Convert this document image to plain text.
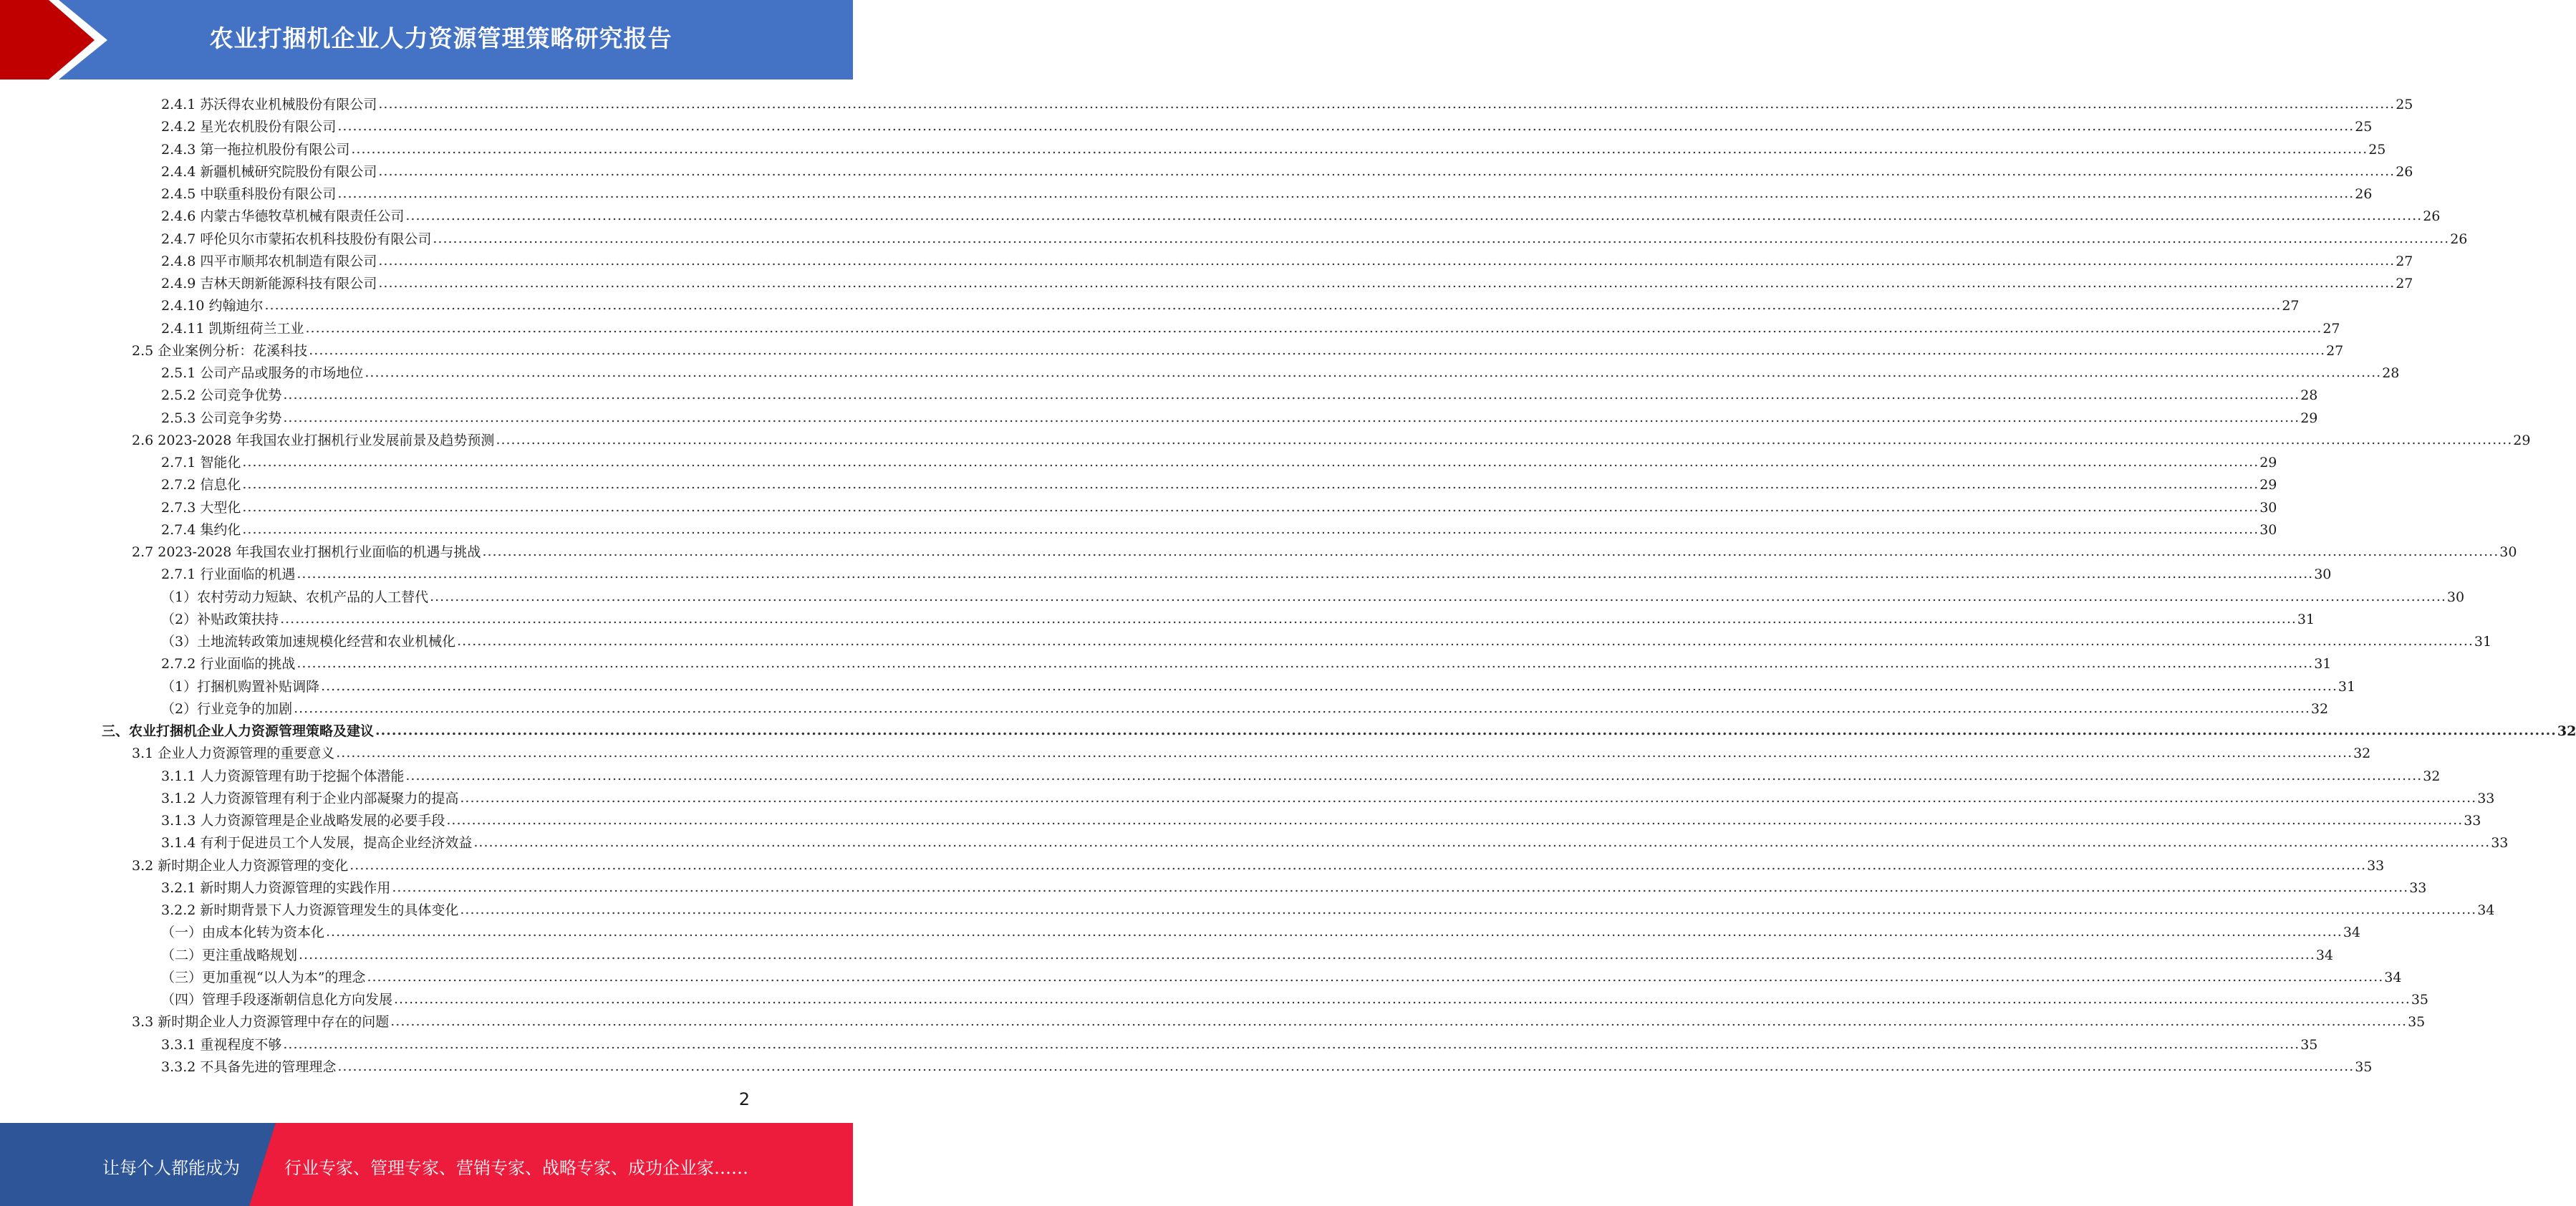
农业打捆机企业人力资源管理策略研究报告
2.4.1 苏沃得农业机械股份有限公司 ................................................................................................................................................................................................................................................................................................................................................................................................................ 25
2.4.2 星光农机股份有限公司 ................................................................................................................................................................................................................................................................................................................................................................................................................ 25
2.4.3 第一拖拉机股份有限公司 ................................................................................................................................................................................................................................................................................................................................................................................................................ 25
2.4.4 新疆机械研究院股份有限公司 ................................................................................................................................................................................................................................................................................................................................................................................................................ 26
2.4.5 中联重科股份有限公司 ................................................................................................................................................................................................................................................................................................................................................................................................................ 26
2.4.6 内蒙古华德牧草机械有限责任公司 ................................................................................................................................................................................................................................................................................................................................................................................................................ 26
2.4.7 呼伦贝尔市蒙拓农机科技股份有限公司 ................................................................................................................................................................................................................................................................................................................................................................................................................ 26
2.4.8 四平市顺邦农机制造有限公司 ................................................................................................................................................................................................................................................................................................................................................................................................................ 27
2.4.9 吉林天朗新能源科技有限公司 ................................................................................................................................................................................................................................................................................................................................................................................................................ 27
2.4.10 约翰迪尔 ................................................................................................................................................................................................................................................................................................................................................................................................................ 27
2.4.11 凯斯纽荷兰工业 ................................................................................................................................................................................................................................................................................................................................................................................................................ 27
2.5 企业案例分析：花溪科技 ................................................................................................................................................................................................................................................................................................................................................................................................................ 27
2.5.1 公司产品或服务的市场地位 ................................................................................................................................................................................................................................................................................................................................................................................................................ 28
2.5.2 公司竞争优势 ................................................................................................................................................................................................................................................................................................................................................................................................................ 28
2.5.3 公司竞争劣势 ................................................................................................................................................................................................................................................................................................................................................................................................................ 29
2.6 2023-2028 年我国农业打捆机行业发展前景及趋势预测 ................................................................................................................................................................................................................................................................................................................................................................................................................ 29
2.7.1 智能化 ................................................................................................................................................................................................................................................................................................................................................................................................................ 29
2.7.2 信息化 ................................................................................................................................................................................................................................................................................................................................................................................................................ 29
2.7.3 大型化 ................................................................................................................................................................................................................................................................................................................................................................................................................ 30
2.7.4 集约化 ................................................................................................................................................................................................................................................................................................................................................................................................................ 30
2.7 2023-2028 年我国农业打捆机行业面临的机遇与挑战 ................................................................................................................................................................................................................................................................................................................................................................................................................ 30
2.7.1 行业面临的机遇 ................................................................................................................................................................................................................................................................................................................................................................................................................ 30
（1）农村劳动力短缺、农机产品的人工替代 ................................................................................................................................................................................................................................................................................................................................................................................................................ 30
（2）补贴政策扶持 ................................................................................................................................................................................................................................................................................................................................................................................................................ 31
（3）土地流转政策加速规模化经营和农业机械化 ................................................................................................................................................................................................................................................................................................................................................................................................................ 31
2.7.2 行业面临的挑战 ................................................................................................................................................................................................................................................................................................................................................................................................................ 31
（1）打捆机购置补贴调降 ................................................................................................................................................................................................................................................................................................................................................................................................................ 31
（2）行业竞争的加剧 ................................................................................................................................................................................................................................................................................................................................................................................................................ 32
三、农业打捆机企业人力资源管理策略及建议 ................................................................................................................................................................................................................................................................................................................................................................................................................ 32
3.1 企业人力资源管理的重要意义 ................................................................................................................................................................................................................................................................................................................................................................................................................ 32
3.1.1 人力资源管理有助于挖掘个体潜能 ................................................................................................................................................................................................................................................................................................................................................................................................................ 32
3.1.2 人力资源管理有利于企业内部凝聚力的提高 ................................................................................................................................................................................................................................................................................................................................................................................................................ 33
3.1.3 人力资源管理是企业战略发展的必要手段 ................................................................................................................................................................................................................................................................................................................................................................................................................ 33
3.1.4 有利于促进员工个人发展，提高企业经济效益 ................................................................................................................................................................................................................................................................................................................................................................................................................ 33
3.2 新时期企业人力资源管理的变化 ................................................................................................................................................................................................................................................................................................................................................................................................................ 33
3.2.1 新时期人力资源管理的实践作用 ................................................................................................................................................................................................................................................................................................................................................................................................................ 33
3.2.2 新时期背景下人力资源管理发生的具体变化 ................................................................................................................................................................................................................................................................................................................................................................................................................ 34
（一）由成本化转为资本化 ................................................................................................................................................................................................................................................................................................................................................................................................................ 34
（二）更注重战略规划 ................................................................................................................................................................................................................................................................................................................................................................................................................ 34
（三）更加重视“以人为本”的理念 ................................................................................................................................................................................................................................................................................................................................................................................................................ 34
（四）管理手段逐渐朝信息化方向发展 ................................................................................................................................................................................................................................................................................................................................................................................................................ 35
3.3 新时期企业人力资源管理中存在的问题 ................................................................................................................................................................................................................................................................................................................................................................................................................ 35
3.3.1 重视程度不够 ................................................................................................................................................................................................................................................................................................................................................................................................................ 35
3.3.2 不具备先进的管理理念 ................................................................................................................................................................................................................................................................................................................................................................................................................ 35
2
让每个人都能成为	行业专家、管理专家、营销专家、战略专家、成功企业家……
